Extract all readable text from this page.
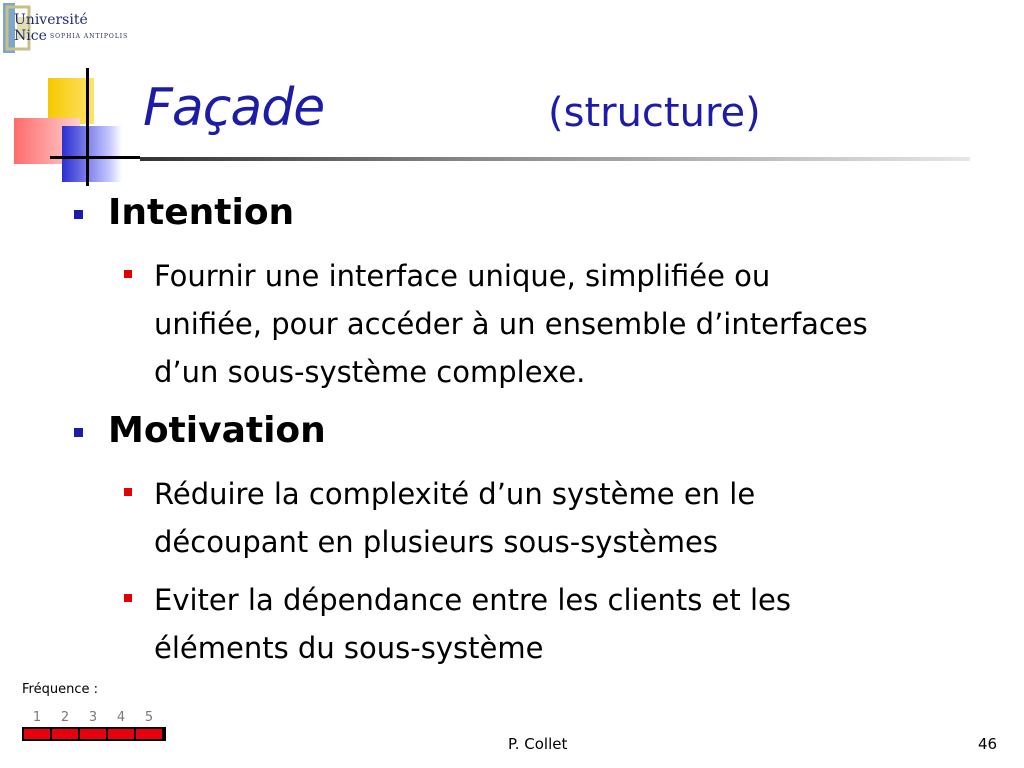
Université
Nice SOPHIA ANTIPOLIS
Façade	(structure)
Intention
Fournir une interface unique, simplifiée ou
unifiée, pour accéder à un ensemble d’interfaces
d’un sous-système complexe.
Motivation
Réduire la complexité d’un système en le
découpant en plusieurs sous-systèmes
Eviter la dépendance entre les clients et les
éléments du sous-système
Fréquence :
1	2	3	4	5
P. Collet	46
